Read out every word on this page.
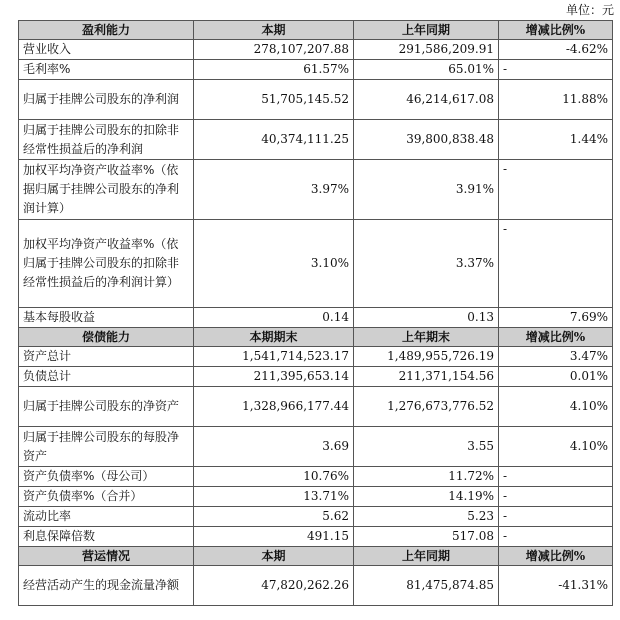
单位：元
盈利能力	本期	上年同期	增减比例%
营业收入	278,107,207.88	291,586,209.91	-4.62%
毛利率%	61.57%	65.01%	-
归属于挂牌公司股东的净利润	51,705,145.52	46,214,617.08	11.88%
归属于挂牌公司股东的扣除非经常性损益后的净利润	40,374,111.25	39,800,838.48	1.44%
加权平均净资产收益率%（依据归属于挂牌公司股东的净利润计算）	3.97%	3.91%	-
加权平均净资产收益率%（依归属于挂牌公司股东的扣除非经常性损益后的净利润计算）	3.10%	3.37%	-
基本每股收益	0.14	0.13	7.69%
偿债能力	本期期末	上年期末	增减比例%
资产总计	1,541,714,523.17	1,489,955,726.19	3.47%
负债总计	211,395,653.14	211,371,154.56	0.01%
归属于挂牌公司股东的净资产	1,328,966,177.44	1,276,673,776.52	4.10%
归属于挂牌公司股东的每股净资产	3.69	3.55	4.10%
资产负债率%（母公司）	10.76%	11.72%	-
资产负债率%（合并）	13.71%	14.19%	-
流动比率	5.62	5.23	-
利息保障倍数	491.15	517.08	-
营运情况	本期	上年同期	增减比例%
经营活动产生的现金流量净额	47,820,262.26	81,475,874.85	-41.31%
